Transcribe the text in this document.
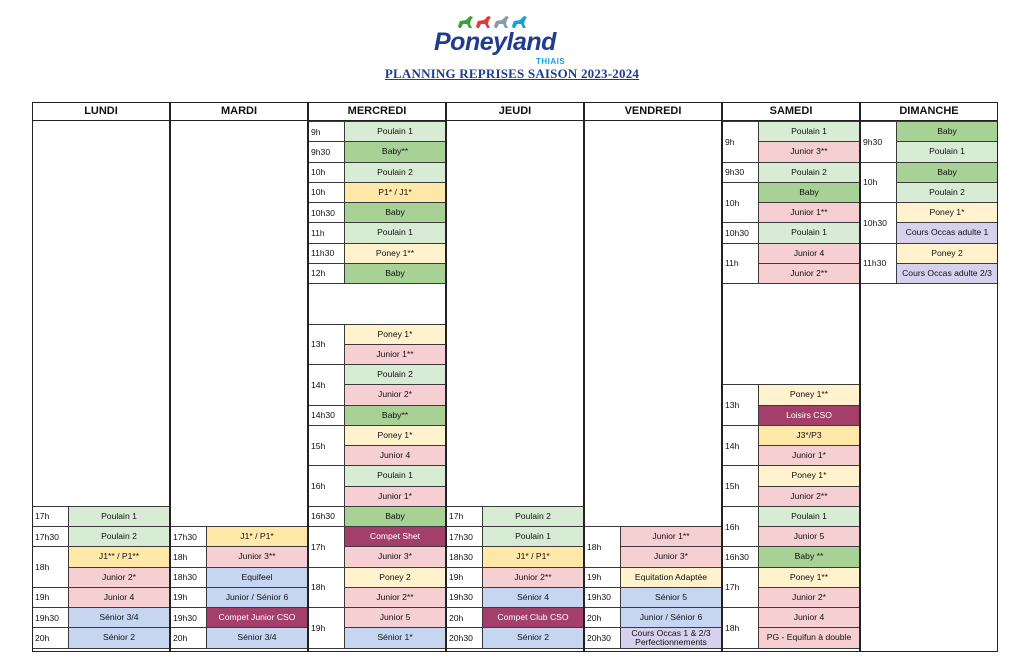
Poneyland
THIAIS
PLANNING REPRISES SAISON 2023-2024
LUNDI
17h
17h30
18h
19h
19h30
20h
Poulain 1
Poulain 2
J1** / P1**
Junior 2*
Junior 4
Sénior 3/4
Sénior 2
MARDI
17h30
18h
18h30
19h
19h30
20h
J1* / P1*
Junior 3**
Equifeel
Junior / Sénior 6
Compet Junior CSO
Sénior 3/4
MERCREDI
9h
9h30
10h
10h
10h30
11h
11h30
12h
13h
14h
14h30
15h
16h
16h30
17h
18h
19h
Poulain 1
Baby**
Poulain 2
P1* / J1*
Baby
Poulain 1
Poney 1**
Baby
Poney 1*
Junior 1**
Poulain 2
Junior 2*
Baby**
Poney 1*
Junior 4
Poulain 1
Junior 1*
Baby
Compet Shet
Junior 3*
Poney 2
Junior 2**
Junior 5
Sénior 1*
JEUDI
17h
17h30
18h30
19h
19h30
20h
20h30
Poulain 2
Poulain 1
J1* / P1*
Junior 2**
Sénior 4
Compet Club CSO
Sénior 2
VENDREDI
18h
19h
19h30
20h
20h30
Junior 1**
Junior 3*
Equitation Adaptée
Sénior 5
Junior / Sénior 6
Cours Occas 1 & 2/3 Perfectionnements
SAMEDI
9h
9h30
10h
10h30
11h
13h
14h
15h
16h
16h30
17h
18h
Poulain 1
Junior 3**
Poulain 2
Baby
Junior 1**
Poulain 1
Junior 4
Junior 2**
Poney 1**
Loisirs CSO
J3*/P3
Junior 1*
Poney 1*
Junior 2**
Poulain 1
Junior 5
Baby **
Poney 1**
Junior 2*
Junior 4
PG - Equifun à double
DIMANCHE
9h30
10h
10h30
11h30
Baby
Poulain 1
Baby
Poulain 2
Poney 1*
Cours Occas adulte 1
Poney 2
Cours Occas adulte 2/3
